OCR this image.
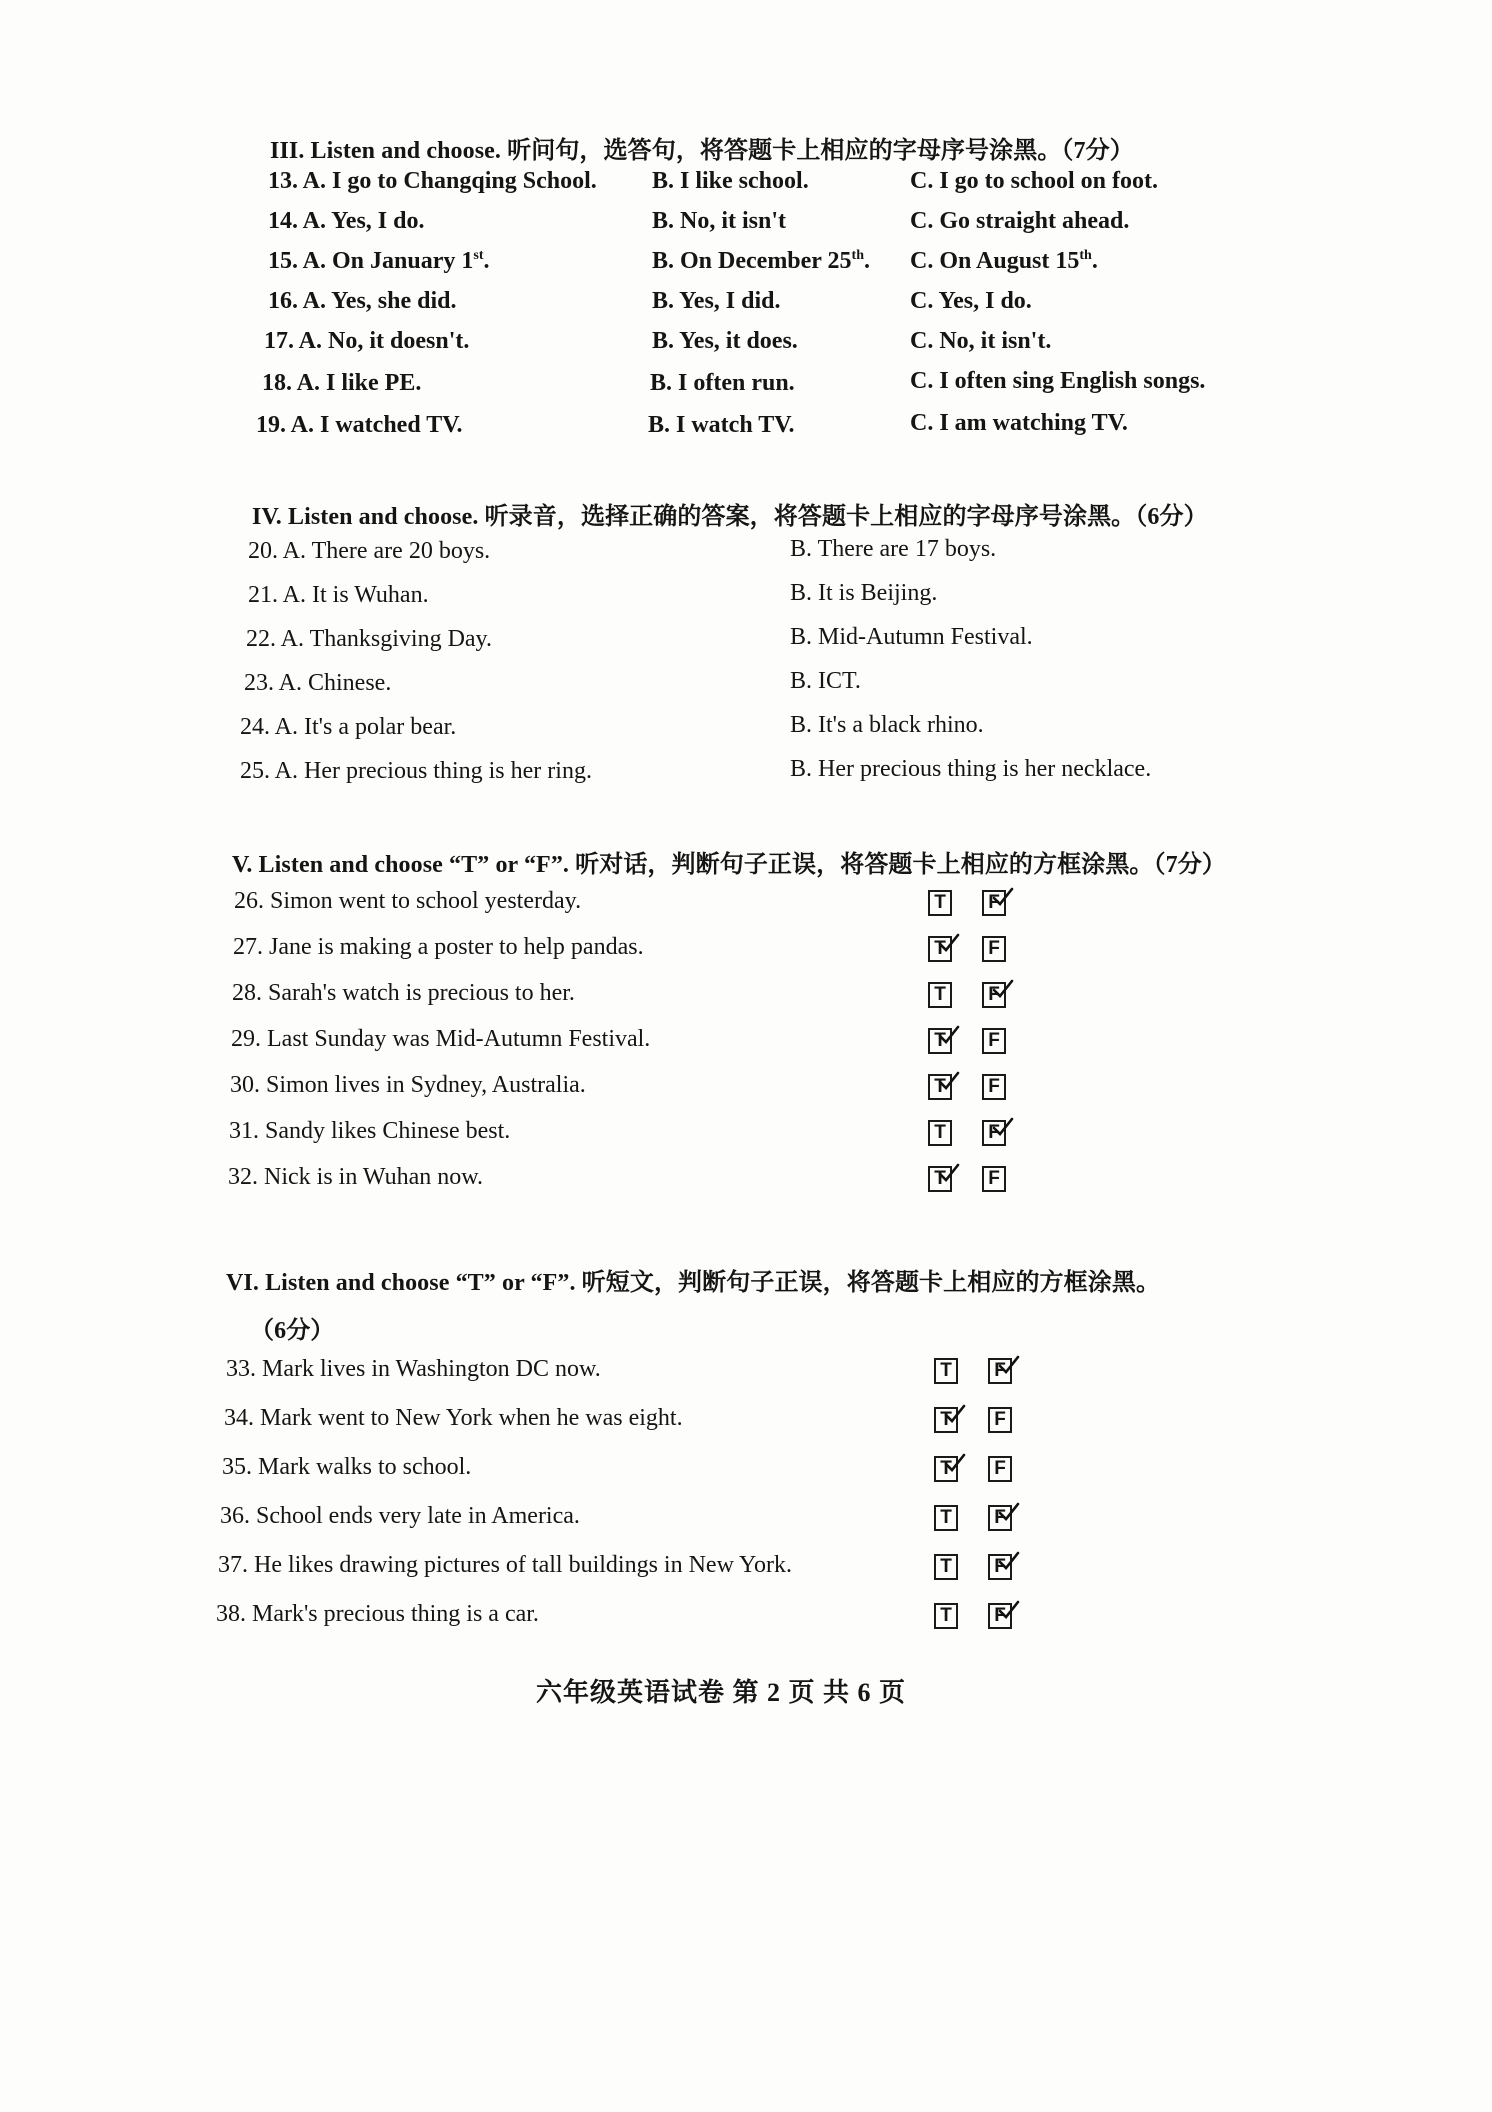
III. Listen and choose. 听问句，选答句，将答题卡上相应的字母序号涂黑。（7分）
13. A. I go to Changqing School. B. I like school.	C. I go to school on foot.
14. A. Yes, I do.	B. No, it isn't	C. Go straight ahead.
15. A. On January 1st.	B. On December 25th. C. On August 15th.
16. A. Yes, she did.	B. Yes, I did.	C. Yes, I do.
17. A. No, it doesn't.	B. Yes, it does.	C. No, it isn't.
18. A. I like PE.	B. I often run.	C. I often sing English songs.
19. A. I watched TV.	B. I watch TV.	C. I am watching TV.
IV. Listen and choose. 听录音，选择正确的答案，将答题卡上相应的字母序号涂黑。（6分）
20. A. There are 20 boys.	B. There are 17 boys.
21. A. It is Wuhan.	B. It is Beijing.
22. A. Thanksgiving Day.	B. Mid-Autumn Festival.
23. A. Chinese.	B. ICT.
24. A. It's a polar bear.	B. It's a black rhino.
25. A. Her precious thing is her ring.	B. Her precious thing is her necklace.
V. Listen and choose “T” or “F”. 听对话，判断句子正误，将答题卡上相应的方框涂黑。（7分）
26. Simon went to school yesterday.	T	F
27. Jane is making a poster to help pandas.	T	F
28. Sarah's watch is precious to her.	T	F
29. Last Sunday was Mid-Autumn Festival.	T	F
30. Simon lives in Sydney, Australia.	T	F
31. Sandy likes Chinese best.	T	F
32. Nick is in Wuhan now.	T	F
VI. Listen and choose “T” or “F”. 听短文，判断句子正误，将答题卡上相应的方框涂黑。
（6分）
33. Mark lives in Washington DC now.	T	F
34. Mark went to New York when he was eight.	T	F
35. Mark walks to school.	T	F
36. School ends very late in America.	T	F
37. He likes drawing pictures of tall buildings in New York.	T	F
38. Mark's precious thing is a car.	T	F
六年级英语试卷 第 2 页 共 6 页
